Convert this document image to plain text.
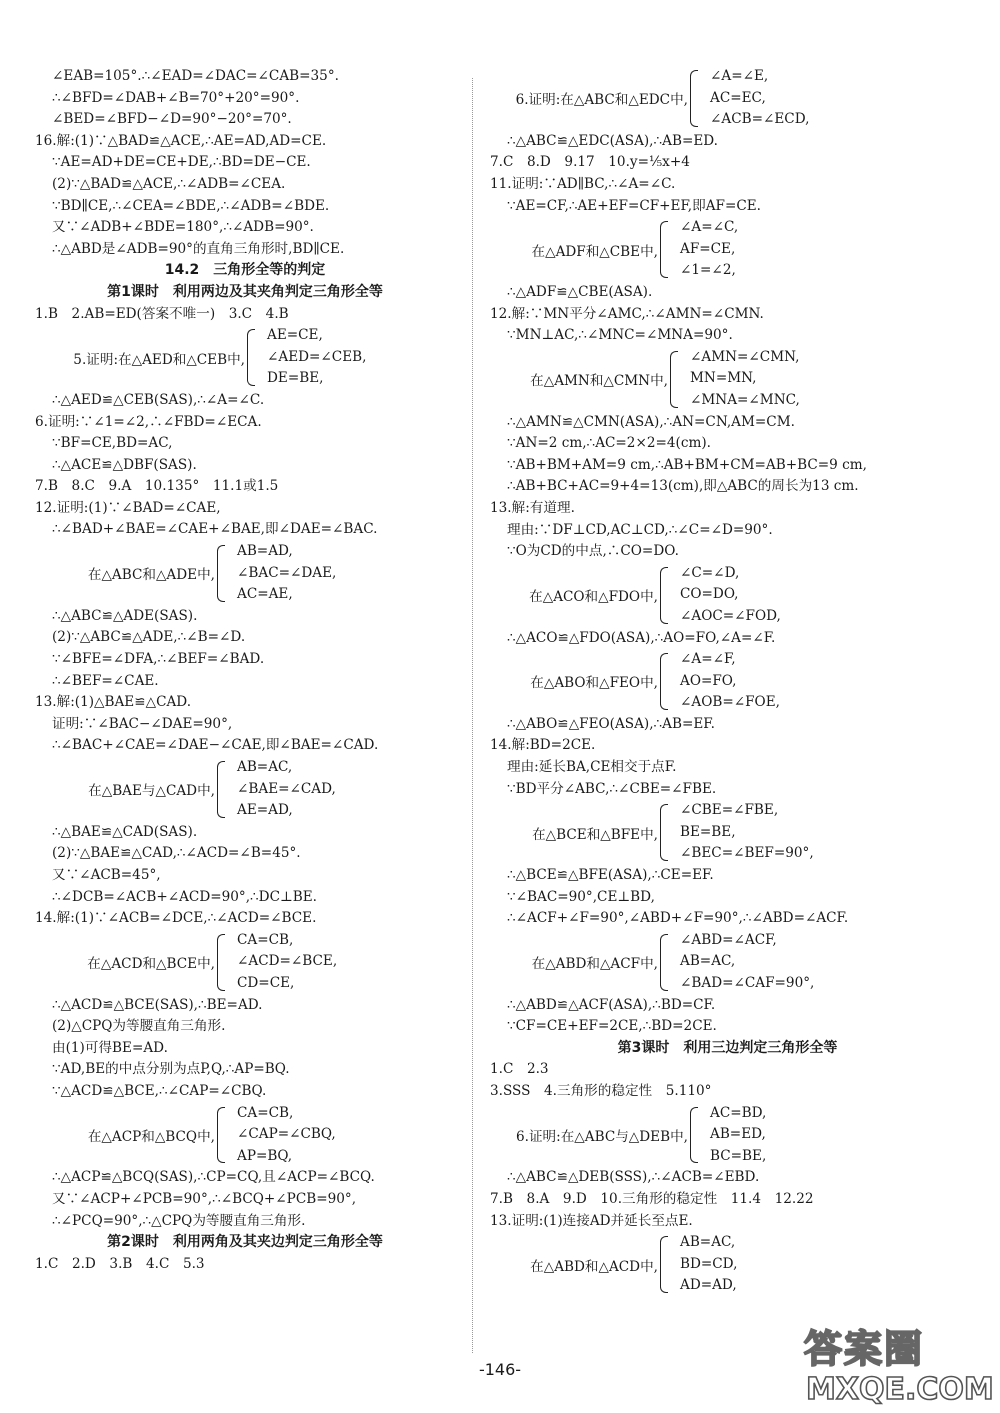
∠EAB=105°.∴∠EAD=∠DAC=∠CAB=35°.
∴∠BFD=∠DAB+∠B=70°+20°=90°.
∠BED=∠BFD−∠D=90°−20°=70°.
16.解:(1)∵△BAD≌△ACE,∴AE=AD,AD=CE.
∵AE=AD+DE=CE+DE,∴BD=DE−CE.
(2)∵△BAD≌△ACE,∴∠ADB=∠CEA.
∵BD∥CE,∴∠CEA=∠BDE,∴∠ADB=∠BDE.
又∵∠ADB+∠BDE=180°,∴∠ADB=90°.
∴△ABD是∠ADB=90°的直角三角形时,BD∥CE.
14.2　三角形全等的判定
第1课时　利用两边及其夹角判定三角形全等
1.B　2.AB=ED(答案不唯一)　3.C　4.B
5.证明:在△AED和△CEB中,
AE=CE,
∠AED=∠CEB,
DE=BE,
∴△AED≌△CEB(SAS),∴∠A=∠C.
6.证明:∵∠1=∠2,∴∠FBD=∠ECA.
∵BF=CE,BD=AC,
∴△ACE≌△DBF(SAS).
7.B　8.C　9.A　10.135°　11.1或1.5
12.证明:(1)∵∠BAD=∠CAE,
∴∠BAD+∠BAE=∠CAE+∠BAE,即∠DAE=∠BAC.
在△ABC和△ADE中,
AB=AD,
∠BAC=∠DAE,
AC=AE,
∴△ABC≌△ADE(SAS).
(2)∵△ABC≌△ADE,∴∠B=∠D.
∵∠BFE=∠DFA,∴∠BEF=∠BAD.
∴∠BEF=∠CAE.
13.解:(1)△BAE≌△CAD.
证明:∵∠BAC−∠DAE=90°,
∴∠BAC+∠CAE=∠DAE−∠CAE,即∠BAE=∠CAD.
在△BAE与△CAD中,
AB=AC,
∠BAE=∠CAD,
AE=AD,
∴△BAE≌△CAD(SAS).
(2)∵△BAE≌△CAD,∴∠ACD=∠B=45°.
又∵∠ACB=45°,
∴∠DCB=∠ACB+∠ACD=90°,∴DC⊥BE.
14.解:(1)∵∠ACB=∠DCE,∴∠ACD=∠BCE.
在△ACD和△BCE中,
CA=CB,
∠ACD=∠BCE,
CD=CE,
∴△ACD≌△BCE(SAS),∴BE=AD.
(2)△CPQ为等腰直角三角形.
由(1)可得BE=AD.
∵AD,BE的中点分别为点P,Q,∴AP=BQ.
∵△ACD≌△BCE,∴∠CAP=∠CBQ.
在△ACP和△BCQ中,
CA=CB,
∠CAP=∠CBQ,
AP=BQ,
∴△ACP≌△BCQ(SAS),∴CP=CQ,且∠ACP=∠BCQ.
又∵∠ACP+∠PCB=90°,∴∠BCQ+∠PCB=90°,
∴∠PCQ=90°,∴△CPQ为等腰直角三角形.
第2课时　利用两角及其夹边判定三角形全等
1.C　2.D　3.B　4.C　5.3
6.证明:在△ABC和△EDC中,
∠A=∠E,
AC=EC,
∠ACB=∠ECD,
∴△ABC≌△EDC(ASA),∴AB=ED.
7.C　8.D　9.17　10.y=⅕x+4
11.证明:∵AD∥BC,∴∠A=∠C.
∵AE=CF,∴AE+EF=CF+EF,即AF=CE.
在△ADF和△CBE中,
∠A=∠C,
AF=CE,
∠1=∠2,
∴△ADF≌△CBE(ASA).
12.解:∵MN平分∠AMC,∴∠AMN=∠CMN.
∵MN⊥AC,∴∠MNC=∠MNA=90°.
在△AMN和△CMN中,
∠AMN=∠CMN,
MN=MN,
∠MNA=∠MNC,
∴△AMN≌△CMN(ASA),∴AN=CN,AM=CM.
∵AN=2 cm,∴AC=2×2=4(cm).
∵AB+BM+AM=9 cm,∴AB+BM+CM=AB+BC=9 cm,
∴AB+BC+AC=9+4=13(cm),即△ABC的周长为13 cm.
13.解:有道理.
理由:∵DF⊥CD,AC⊥CD,∴∠C=∠D=90°.
∵O为CD的中点,∴CO=DO.
在△ACO和△FDO中,
∠C=∠D,
CO=DO,
∠AOC=∠FOD,
∴△ACO≌△FDO(ASA),∴AO=FO,∠A=∠F.
在△ABO和△FEO中,
∠A=∠F,
AO=FO,
∠AOB=∠FOE,
∴△ABO≌△FEO(ASA),∴AB=EF.
14.解:BD=2CE.
理由:延长BA,CE相交于点F.
∵BD平分∠ABC,∴∠CBE=∠FBE.
在△BCE和△BFE中,
∠CBE=∠FBE,
BE=BE,
∠BEC=∠BEF=90°,
∴△BCE≌△BFE(ASA),∴CE=EF.
∵∠BAC=90°,CE⊥BD,
∴∠ACF+∠F=90°,∠ABD+∠F=90°,∴∠ABD=∠ACF.
在△ABD和△ACF中,
∠ABD=∠ACF,
AB=AC,
∠BAD=∠CAF=90°,
∴△ABD≌△ACF(ASA),∴BD=CF.
∵CF=CE+EF=2CE,∴BD=2CE.
第3课时　利用三边判定三角形全等
1.C　2.3
3.SSS　4.三角形的稳定性　5.110°
6.证明:在△ABC与△DEB中,
AC=BD,
AB=ED,
BC=BE,
∴△ABC≌△DEB(SSS),∴∠ACB=∠EBD.
7.B　8.A　9.D　10.三角形的稳定性　11.4　12.22
13.证明:(1)连接AD并延长至点E.
在△ABD和△ACD中,
AB=AC,
BD=CD,
AD=AD,
-146-	答案圈
MXQE.COM
